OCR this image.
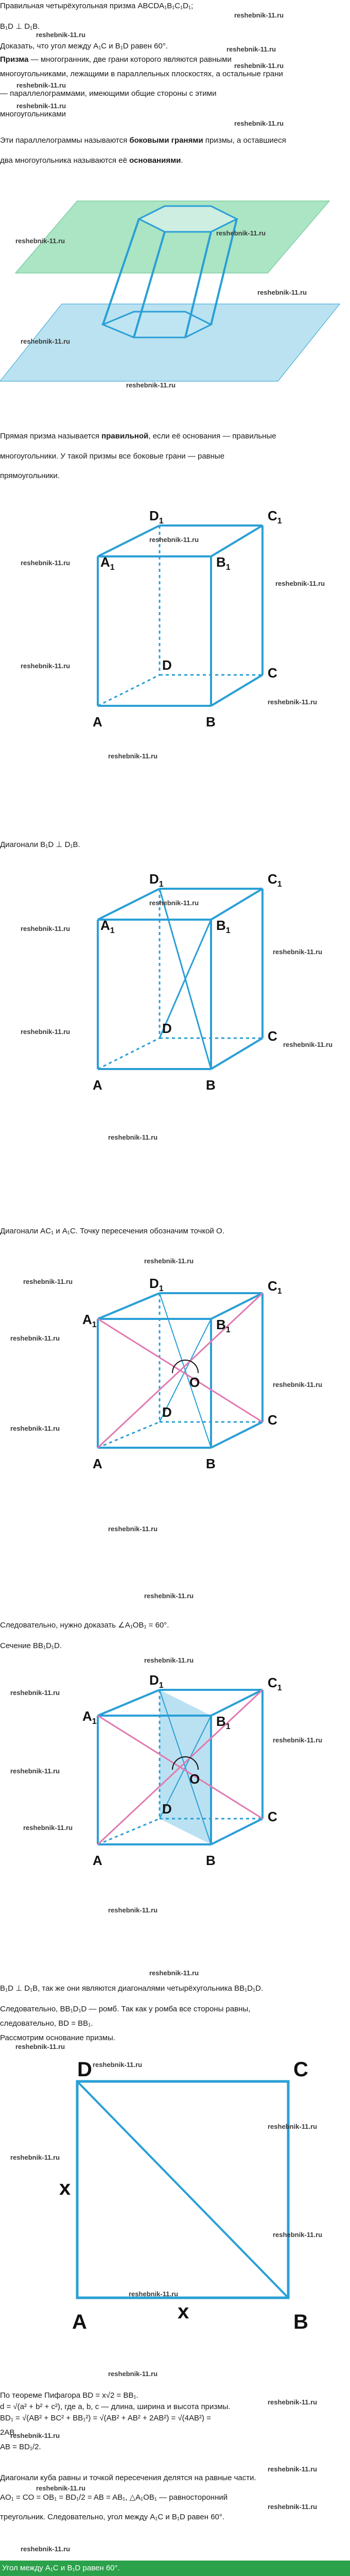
Правильная четырёхугольная призма ABCDA₁B₁C₁D₁;
B₁D ⊥ D₁B.
Доказать, что угол между A₁C и B₁D равен 60°.
Призма — многогранник, две грани которого являются равными
многоугольниками, лежащими в параллельных плоскостях, а остальные грани
— параллелограммами, имеющими общие стороны с этими
многоугольниками
Эти параллелограммы называются боковыми гранями призмы, а оставшиеся
два многоугольника называются её основаниями.
Прямая призма называется правильной, если её основания — правильные
многоугольники. У такой призмы все боковые грани — равные
прямоугольники.
Диагонали B₁D ⊥ D₁B.
Диагонали AC₁ и A₁C. Точку пересечения обозначим точкой O.
Следовательно, нужно доказать ∠A₁OB₁ = 60°.
Сечение BB₁D₁D.
B₁D ⊥ D₁B, так же они являются диагоналями четырёхугольника BB₁D₁D.
Следовательно, BB₁D₁D — ромб. Так как у ромба все стороны равны,
следовательно, BD = BB₁.
Рассмотрим основание призмы.
По теореме Пифагора BD = x√2 = BB₁.
d = √(a² + b² + c²), где a, b, c — длина, ширина и высота призмы.
BD₁ = √(AB² + BC² + BB₁²) = √(AB² + AB² + 2AB²) = √(4AB²) =
2AB.
AB = BD₁/2.
Диагонали куба равны и точкой пересечения делятся на равные части.
AO₁ = CO = OB₁ = BD₁/2 = AB = AB₁, △A₁OB₁ — равносторонний
треугольник. Следовательно, угол между A₁C и B₁D равен 60°.
Угол между A₁C и B₁D равен 60°.
A	B
C
D
$A_1$	$B_1$
$C_1$
$D_1$
A	B
C
D
$A_1$	$B_1$
$C_1$
$D_1$
O
A	B
C
D
$A_1$	$B_1$
$C_1$
$D_1$
O
A	B
C
D
$A_1$	$B_1$
$C_1$
$D_1$
D	C
A	B
x
x
reshebnik-11.ru
reshebnik-11.ru
reshebnik-11.ru
reshebnik-11.ru
reshebnik-11.ru
reshebnik-11.ru
reshebnik-11.ru
reshebnik-11.ru
reshebnik-11.ru
reshebnik-11.ru
reshebnik-11.ru
reshebnik-11.ru
reshebnik-11.ru
reshebnik-11.ru
reshebnik-11.ru
reshebnik-11.ru
reshebnik-11.ru
reshebnik-11.ru
reshebnik-11.ru
reshebnik-11.ru
reshebnik-11.ru
reshebnik-11.ru
reshebnik-11.ru
reshebnik-11.ru
reshebnik-11.ru
reshebnik-11.ru
reshebnik-11.ru
reshebnik-11.ru
reshebnik-11.ru
reshebnik-11.ru
reshebnik-11.ru
reshebnik-11.ru
reshebnik-11.ru
reshebnik-11.ru
reshebnik-11.ru
reshebnik-11.ru
reshebnik-11.ru
reshebnik-11.ru
reshebnik-11.ru
reshebnik-11.ru
reshebnik-11.ru
reshebnik-11.ru
reshebnik-11.ru
reshebnik-11.ru
reshebnik-11.ru
reshebnik-11.ru
reshebnik-11.ru
reshebnik-11.ru
reshebnik-11.ru
reshebnik-11.ru
reshebnik-11.ru
